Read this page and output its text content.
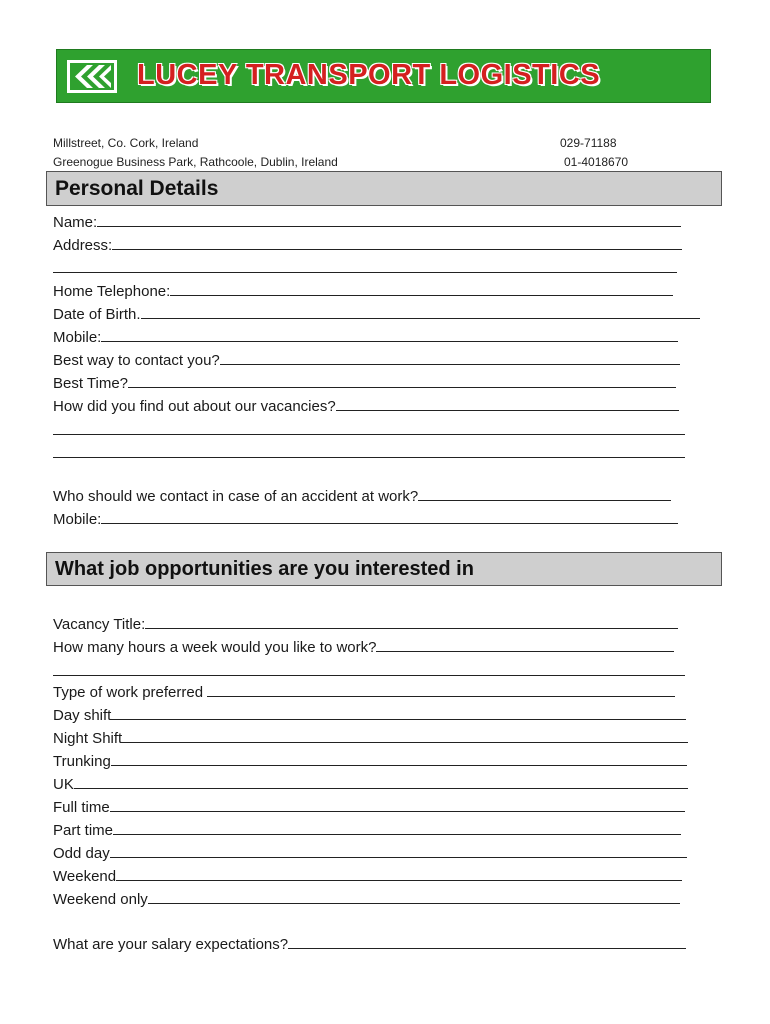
LUCEY TRANSPORT LOGISTICS
Millstreet, Co. Cork, Ireland	029-71188
Greenogue Business Park, Rathcoole, Dublin, Ireland	01-4018670
Personal Details
Name:
Address:
Home Telephone:
Date of Birth.
Mobile:
Best way to contact you?
Best Time?
How did you find out about our vacancies?
Who should we contact in case of an accident at work?
Mobile:
What job opportunities are you interested in
Vacancy Title:
How many hours a week would you like to work?
Type of work preferred
Day shift
Night Shift
Trunking
UK
Full time
Part time
Odd day
Weekend
Weekend only
What are your salary expectations?
